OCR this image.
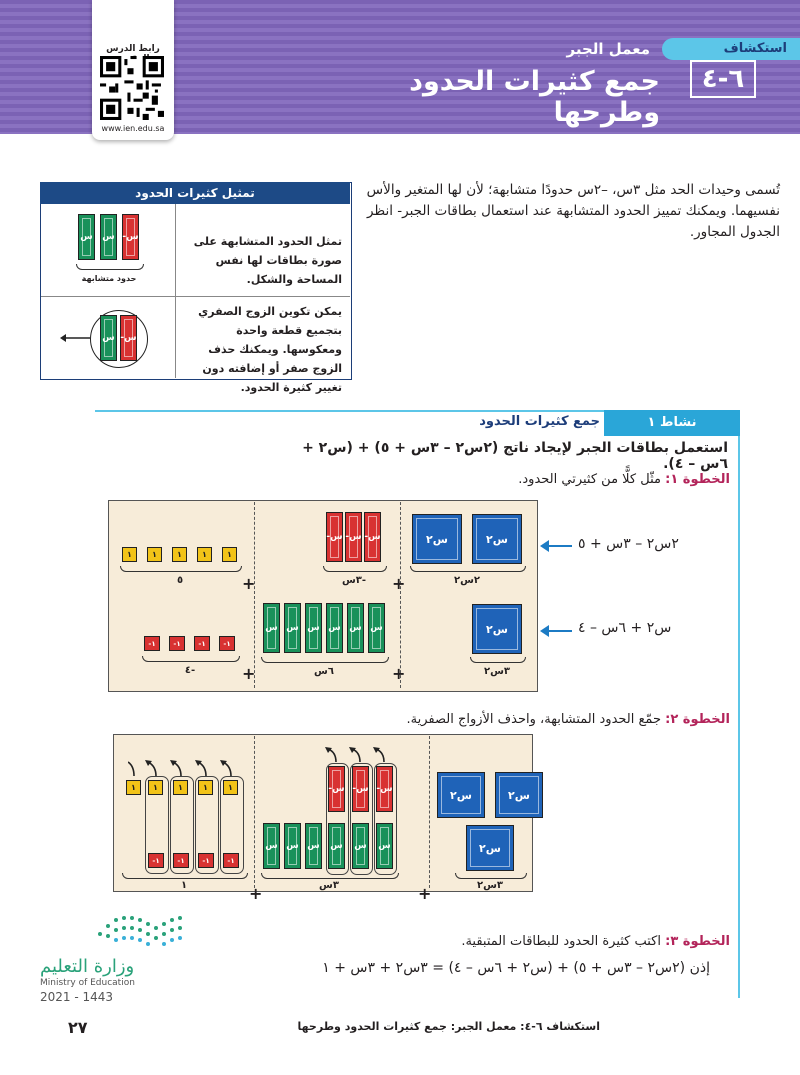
رابط الدرس
www.ien.edu.sa
استكشاف
٦-٤
معمل الجبر
جمع كثيرات الحدود وطرحها
تُسمى وحيدات الحد مثل ٣س، –٢س حدودًا متشابهة؛ لأن لها المتغير والأس نفسيهما. ويمكنك تمييز الحدود المتشابهة عند استعمال بطاقات الجبر- انظر الجدول المجاور.
تمثيل كثيرات الحدود
تمثل الحدود المتشابهة على صورة بطاقات لها نفس المساحة والشكل.
يمكن تكوين الزوج الصفري بتجميع قطعة واحدة ومعكوسها. ويمكنك حذف الزوج صفر أو إضافته دون تغيير كثيرة الحدود.
س س -س
حدود متشابهة
س -س
نشاط ١
جمع كثيرات الحدود
استعمل بطاقات الجبر لإيجاد ناتج (٢س٢ – ٣س + ٥) + (س٢ + ٦س – ٤).
الخطوة ١: مثّل كلًّا من كثيرتي الحدود.
س٢	س٢
٢س٢
-س -س -س
-٣س
١	١	١	١	١
٥	+	+
س٢
٣س٢
س س س س س س
٦س
-١	-١	-١	-١
-٤	+	+
٢س٢ – ٣س + ٥
س٢ + ٦س – ٤
الخطوة ٢: جمّع الحدود المتشابهة، واحذف الأزواج الصفرية.
س٢	س٢
س٢
٣س٢
س س س
-س -س -س
س س س
٣س
١ ١	١	١	١
-١	-١	-١	-١
١	+	+
الخطوة ٣: اكتب كثيرة الحدود للبطاقات المتبقية.
إذن (٢س٢ – ٣س + ٥) + (س٢ + ٦س – ٤) = ٣س٢ + ٣س + ١
وزارة التعليم
Ministry of Education
2021 - 1443
استكشاف ٦-٤: معمل الجبر: جمع كثيرات الحدود وطرحها
٢٧
